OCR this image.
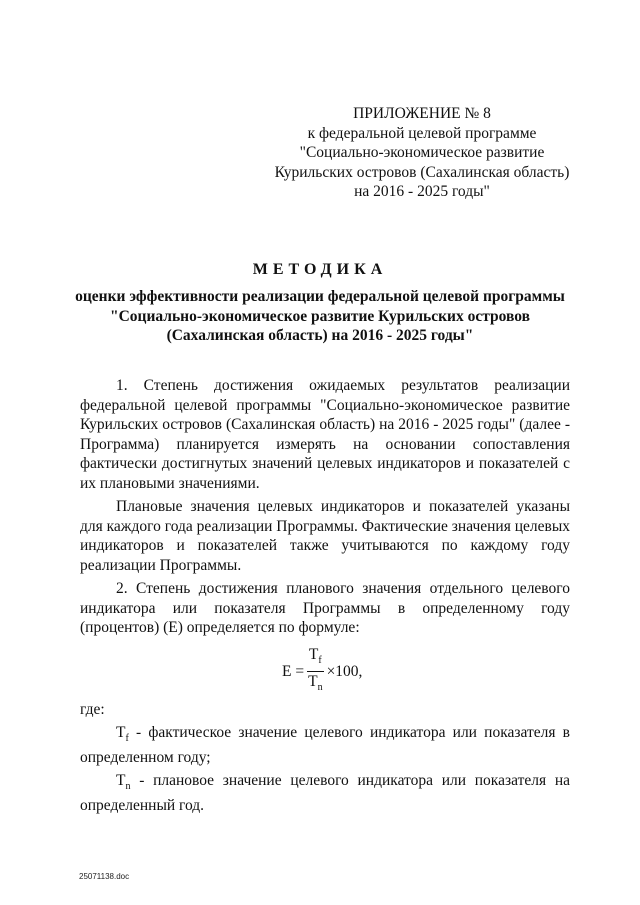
ПРИЛОЖЕНИЕ № 8
к федеральной целевой программе
"Социально-экономическое развитие
Курильских островов (Сахалинская область)
на 2016 - 2025 годы"
МЕТОДИКА
оценки эффективности реализации федеральной целевой программы
"Социально-экономическое развитие Курильских островов
(Сахалинская область) на 2016 - 2025 годы"

1. Степень достижения ожидаемых результатов реализации федеральной целевой программы "Социально-экономическое развитие Курильских островов (Сахалинская область) на 2016 - 2025 годы" (далее - Программа) планируется измерять на основании сопоставления фактически достигнутых значений целевых индикаторов и показателей с их плановыми значениями.

Плановые значения целевых индикаторов и показателей указаны для каждого года реализации Программы. Фактические значения целевых индикаторов и показателей также учитываются по каждому году реализации Программы.

2. Степень достижения планового значения отдельного целевого индикатора или показателя Программы в определенному году (процентов) (Е) определяется по формуле:

$E = \frac{T_f}{T_n} \times 100$,
где:

$T_f$ - фактическое значение целевого индикатора или показателя в определенном году;

$T_n$ - плановое значение целевого индикатора или показателя на определенный год.

25071138.doc
